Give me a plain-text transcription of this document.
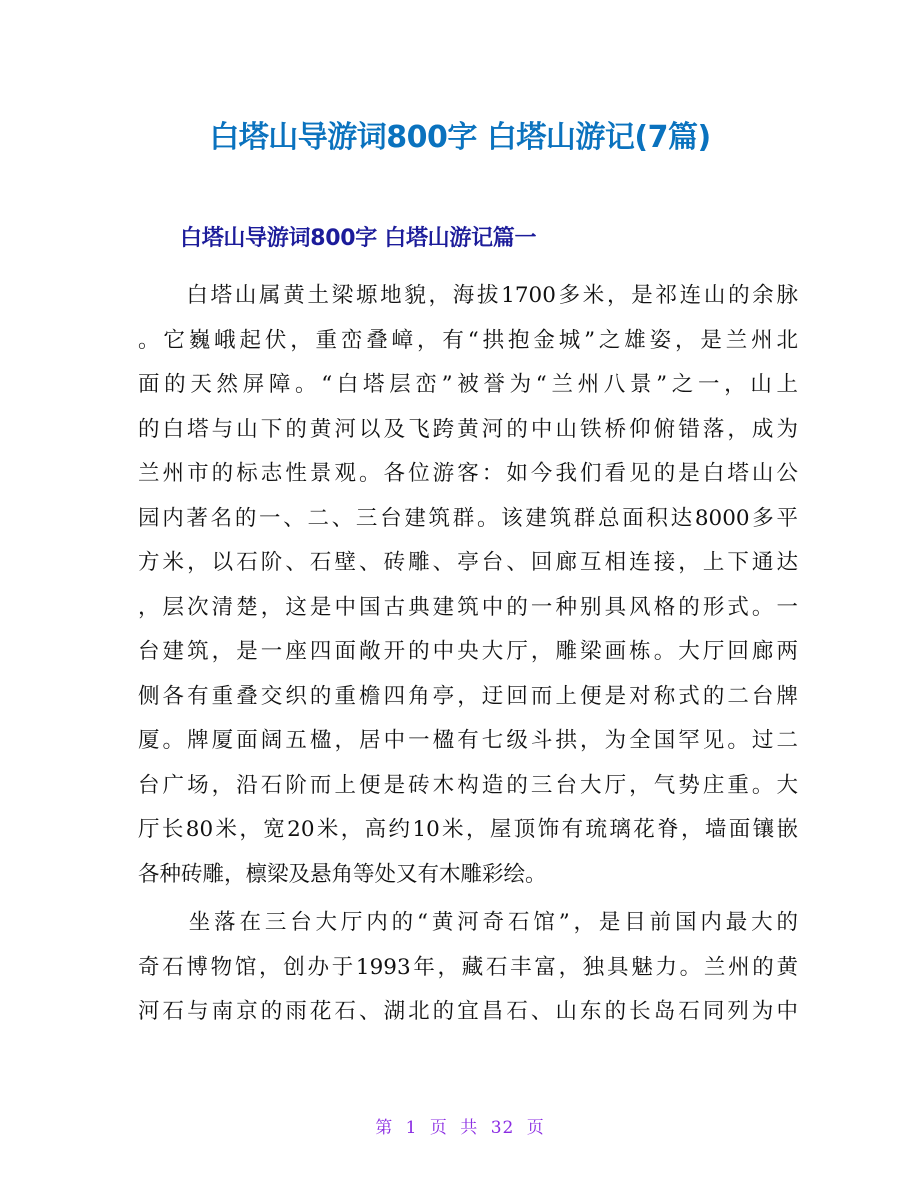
白塔山导游词800字 白塔山游记(7篇)
白塔山导游词800字 白塔山游记篇一
　　白塔山属黄土梁塬地貌，海拔1700多米，是祁连山的余脉
。它巍峨起伏，重峦叠嶂，有“拱抱金城”之雄姿，是兰州北
面的天然屏障。“白塔层峦”被誉为“兰州八景”之一，山上
的白塔与山下的黄河以及飞跨黄河的中山铁桥仰俯错落，成为
兰州市的标志性景观。各位游客：如今我们看见的是白塔山公
园内著名的一、二、三台建筑群。该建筑群总面积达8000多平
方米，以石阶、石壁、砖雕、亭台、回廊互相连接，上下通达
，层次清楚，这是中国古典建筑中的一种别具风格的形式。一
台建筑，是一座四面敞开的中央大厅，雕梁画栋。大厅回廊两
侧各有重叠交织的重檐四角亭，迂回而上便是对称式的二台牌
厦。牌厦面阔五楹，居中一楹有七级斗拱，为全国罕见。过二
台广场，沿石阶而上便是砖木构造的三台大厅，气势庄重。大
厅长80米，宽20米，高约10米，屋顶饰有琉璃花脊，墙面镶嵌
各种砖雕，檩梁及悬角等处又有木雕彩绘。
　　坐落在三台大厅内的“黄河奇石馆”，是目前国内最大的
奇石博物馆，创办于1993年，藏石丰富，独具魅力。兰州的黄
河石与南京的雨花石、湖北的宜昌石、山东的长岛石同列为中
第 1 页 共 32 页
